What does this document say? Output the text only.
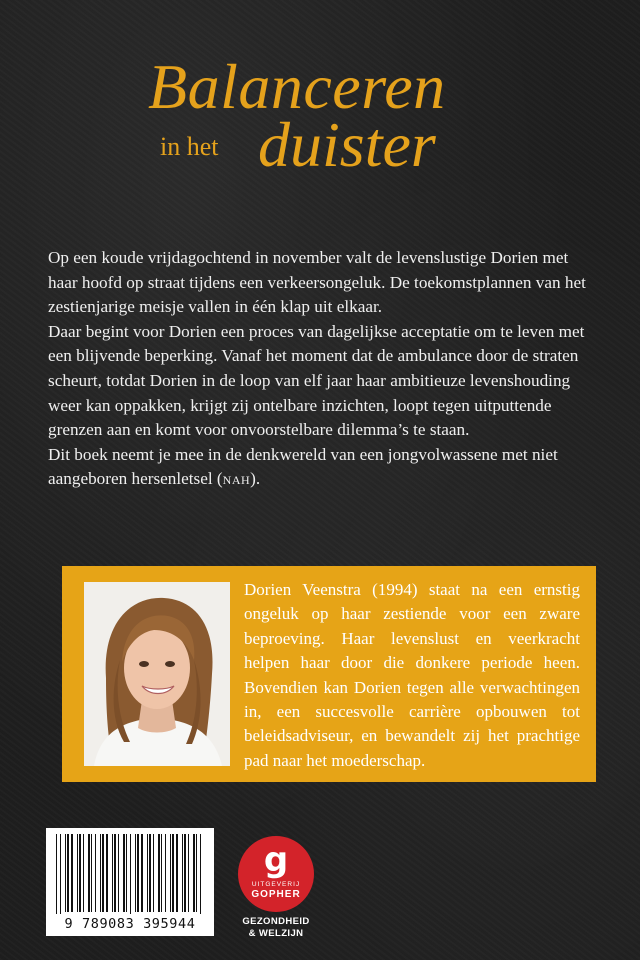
Balanceren
in het duister

Op een koude vrijdagochtend in november valt de levenslustige Dorien met haar hoofd op straat tijdens een verkeersongeluk. De toekomstplannen van het zestienjarige meisje vallen in één klap uit elkaar.

Daar begint voor Dorien een proces van dagelijkse acceptatie om te leven met een blijvende beperking. Vanaf het moment dat de ambulance door de straten scheurt, totdat Dorien in de loop van elf jaar haar ambitieuze levenshouding weer kan oppakken, krijgt zij ontelbare inzichten, loopt tegen uitputtende grenzen aan en komt voor onvoorstelbare dilemma’s te staan.

Dit boek neemt je mee in de denkwereld van een jongvolwassene met niet aangeboren hersenletsel (nah).

Dorien Veenstra (1994) staat na een ernstig ongeluk op haar zestiende voor een zware beproeving. Haar levenslust en veerkracht helpen haar door die donkere periode heen. Bovendien kan Dorien tegen alle verwachtingen in, een succesvolle carrière opbouwen tot beleidsadviseur, en bewandelt zij het prachtige pad naar het moederschap.

9 789083 395944
g
UITGEVERIJ
GOPHER
GEZONDHEID
& WELZIJN
